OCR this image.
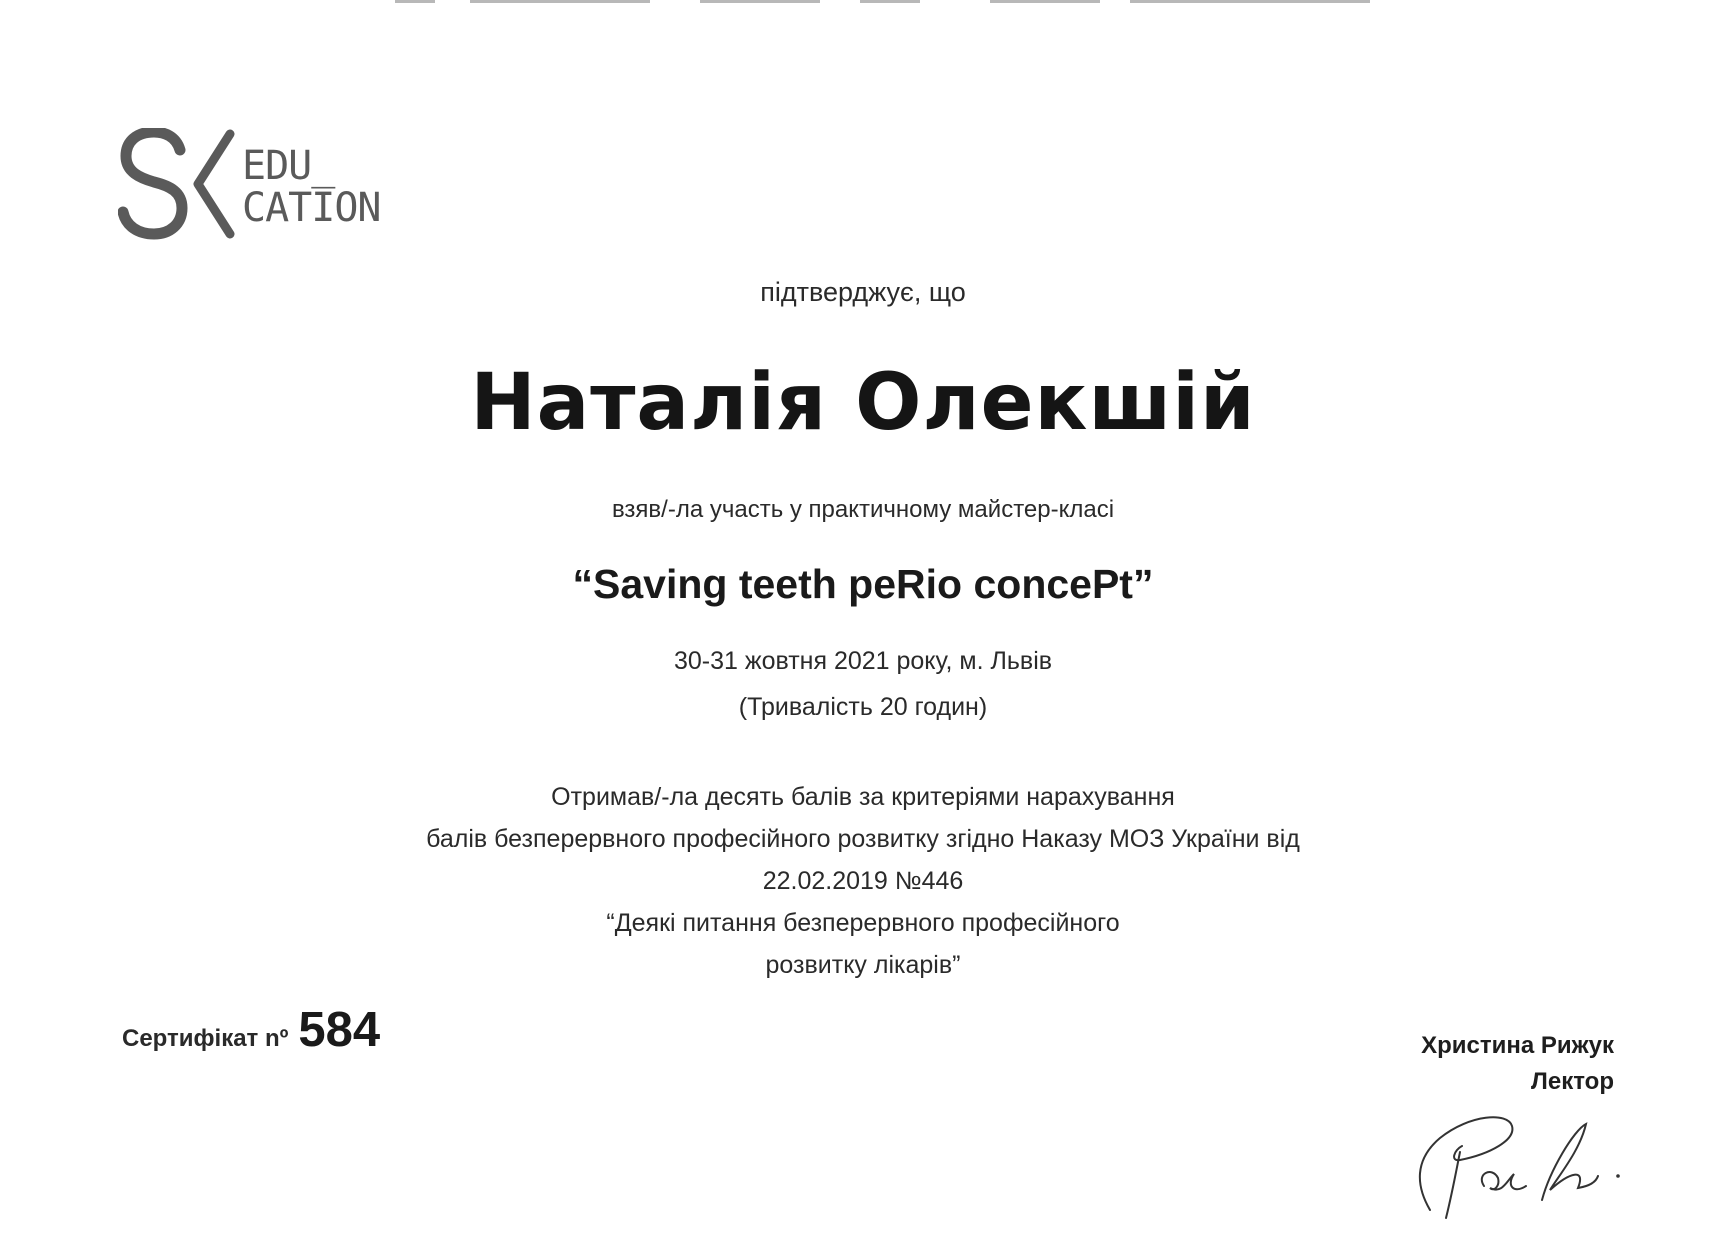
EDU_
CATION
підтверджує, що
Наталія Олекшій
взяв/-ла участь у практичному майстер-класі
“Saving teeth peRio concePt”
30-31 жовтня 2021 року, м. Львів
(Тривалість 20 годин)
Отримав/-ла десять балів за критеріями нарахування
балів безперервного професійного розвитку згідно Наказу МОЗ України від
22.02.2019 №446
“Деякі питання безперервного професійного
розвитку лікарів”
Сертифікат nº 584	Христина Рижук
Лектор
